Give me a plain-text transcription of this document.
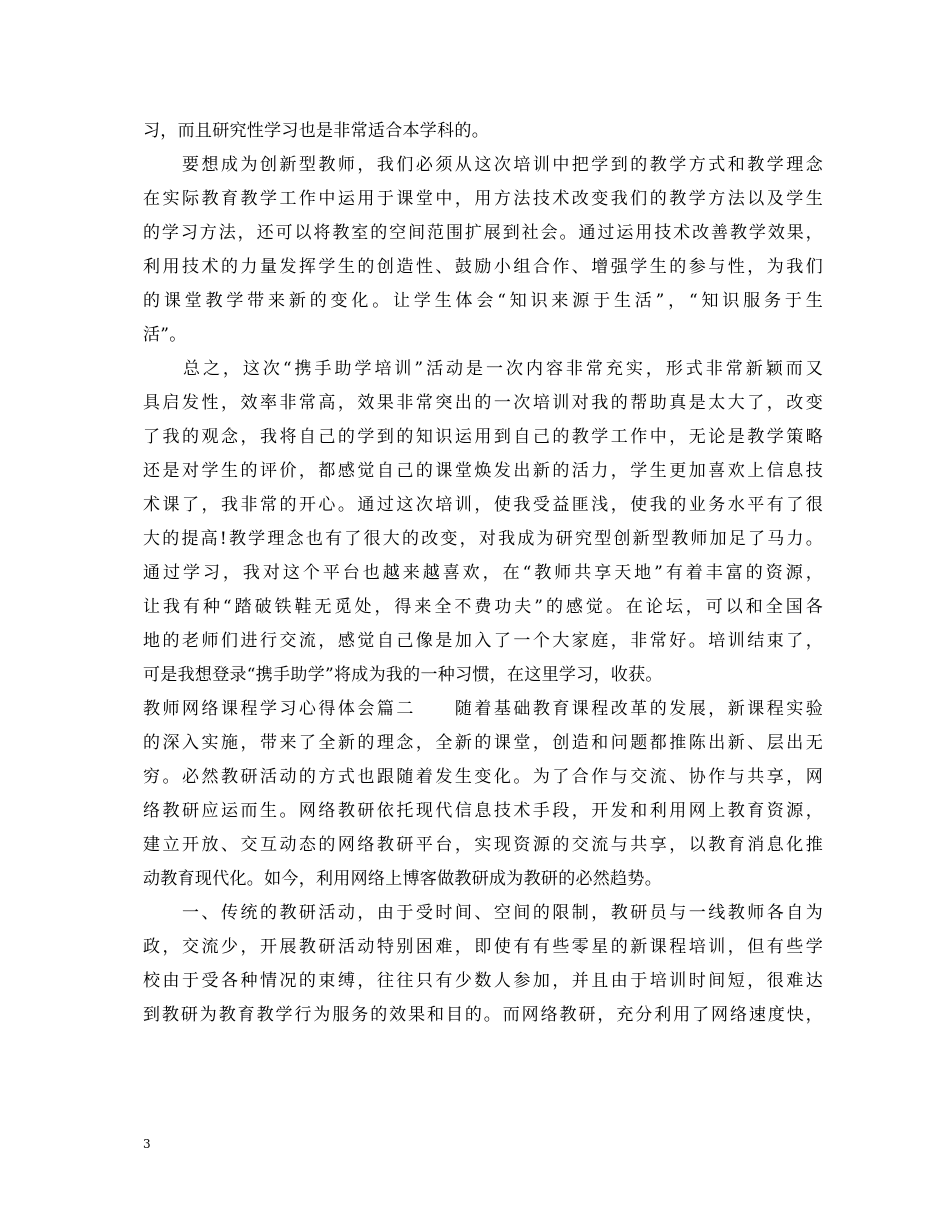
习，而且研究性学习也是非常适合本学科的。
　　要想成为创新型教师，我们必须从这次培训中把学到的教学方式和教学理念
在实际教育教学工作中运用于课堂中，用方法技术改变我们的教学方法以及学生
的学习方法，还可以将教室的空间范围扩展到社会。通过运用技术改善教学效果，
利用技术的力量发挥学生的创造性、鼓励小组合作、增强学生的参与性，为我们
的课堂教学带来新的变化。让学生体会“知识来源于生活”，“知识服务于生
活”。
　　总之，这次“携手助学培训”活动是一次内容非常充实，形式非常新颖而又
具启发性，效率非常高，效果非常突出的一次培训对我的帮助真是太大了，改变
了我的观念，我将自己的学到的知识运用到自己的教学工作中，无论是教学策略
还是对学生的评价，都感觉自己的课堂焕发出新的活力，学生更加喜欢上信息技
术课了，我非常的开心。通过这次培训，使我受益匪浅，使我的业务水平有了很
大的提高!教学理念也有了很大的改变，对我成为研究型创新型教师加足了马力。
通过学习，我对这个平台也越来越喜欢，在“教师共享天地”有着丰富的资源，
让我有种“踏破铁鞋无觅处，得来全不费功夫”的感觉。在论坛，可以和全国各
地的老师们进行交流，感觉自己像是加入了一个大家庭，非常好。培训结束了，
可是我想登录“携手助学”将成为我的一种习惯，在这里学习，收获。
教师网络课程学习心得体会篇二　　随着基础教育课程改革的发展，新课程实验
的深入实施，带来了全新的理念，全新的课堂，创造和问题都推陈出新、层出无
穷。必然教研活动的方式也跟随着发生变化。为了合作与交流、协作与共享，网
络教研应运而生。网络教研依托现代信息技术手段，开发和利用网上教育资源，
建立开放、交互动态的网络教研平台，实现资源的交流与共享，以教育消息化推
动教育现代化。如今，利用网络上博客做教研成为教研的必然趋势。
　　一、传统的教研活动，由于受时间、空间的限制，教研员与一线教师各自为
政，交流少，开展教研活动特别困难，即使有有些零星的新课程培训，但有些学
校由于受各种情况的束缚，往往只有少数人参加，并且由于培训时间短，很难达
到教研为教育教学行为服务的效果和目的。而网络教研，充分利用了网络速度快，
3
